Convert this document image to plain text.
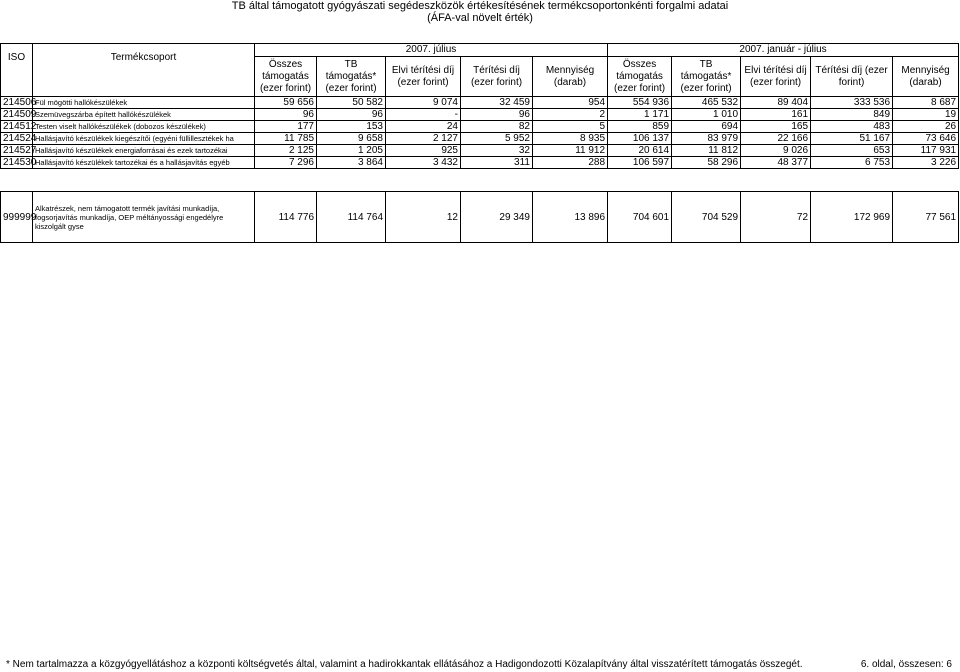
TB által támogatott gyógyászati segédeszközök értékesítésének termékcsoportonkénti forgalmi adatai
(ÁFA-val növelt érték)
ISO	Termékcsoport	2007. július					2007. január - július				
		Összes támogatás (ezer forint)	TB támogatás* (ezer forint)	Elvi térítési díj (ezer forint)	Térítési díj (ezer forint)	Mennyiség (darab)	Összes támogatás (ezer forint)	TB támogatás* (ezer forint)	Elvi térítési díj (ezer forint)	Térítési díj (ezer forint)	Mennyiség (darab)
214506	Fül mögötti hallókészülékek	59 656	50 582	9 074	32 459	954	554 936	465 532	89 404	333 536	8 687
214509	Szemüvegszárba épített hallókészülékek	96	96	-	96	2	1 171	1 010	161	849	19
214512	Testen viselt hallókészülékek (dobozos készülékek)	177	153	24	82	5	859	694	165	483	26
214524	Hallásjavító készülékek kiegészítői (egyéni füllillesztékek ha	11 785	9 658	2 127	5 952	8 935	106 137	83 979	22 166	51 167	73 646
214527	Hallásjavító készülékek energiaforrásai és ezek tartozékai	2 125	1 205	925	32	11 912	20 614	11 812	9 026	653	117 931
214530	Hallásjavító készülékek tartozékai és a hallásjavítás egyéb	7 296	3 864	3 432	311	288	106 597	58 296	48 377	6 753	3 226

999999	Alkatrészek, nem támogatott termék javítási munkadíja, fogsorjavítás munkadíja, OEP méltányossági engedélyre kiszolgált gyse	114 776	114 764	12	29 349	13 896	704 601	704 529	72	172 969	77 561
* Nem tartalmazza a közgyógyellátáshoz a központi költségvetés által, valamint a hadirokkantak ellátásához a Hadigondozotti Közalapítvány által visszatérített támogatás összegét.	6. oldal, összesen: 6
